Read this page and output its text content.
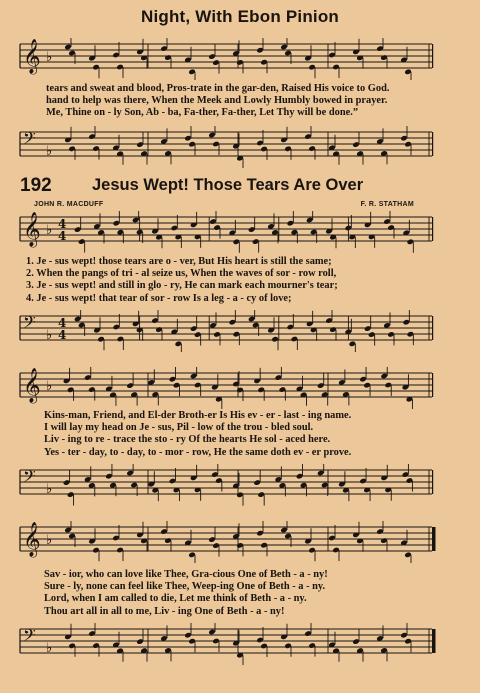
Night, With Ebon Pinion
𝄞 ♭
tears and sweat and blood, Pros-trate in the gar-den, Raised His voice to God.
hand to help was there, When the Meek and Lowly Humbly bowed in prayer.
Me, Thine on - ly Son, Ab - ba, Fa-ther, Fa-ther, Let Thy will be done.”
𝄢 ♭
192 Jesus Wept! Those Tears Are Over
JOHN R. MACDUFF	F. R. STATHAM
𝄞 ♭ 4
4
1. Je - sus wept! those tears are o - ver, But His heart is still the same;
2. When the pangs of tri - al seize us, When the waves of sor - row roll,
3. Je - sus wept! and still in glo - ry, He can mark each mourner's tear;
4. Je - sus wept! that tear of sor - row Is a leg - a - cy of love;
𝄢 ♭
4
4
𝄞 ♭
Kins-man, Friend, and El-der Broth-er Is His ev - er - last - ing name.
I will lay my head on Je - sus, Pil - low of the trou - bled soul.
Liv - ing to re - trace the sto - ry Of the hearts He sol - aced here.
Yes - ter - day, to - day, to - mor - row, He the same doth ev - er prove.
𝄢 ♭
𝄞 ♭
Sav - ior, who can love like Thee, Gra-cious One of Beth - a - ny!
Sure - ly, none can feel like Thee, Weep-ing One of Beth - a - ny.
Lord, when I am called to die, Let me think of Beth - a - ny.
Thou art all in all to me, Liv - ing One of Beth - a - ny!
𝄢 ♭
